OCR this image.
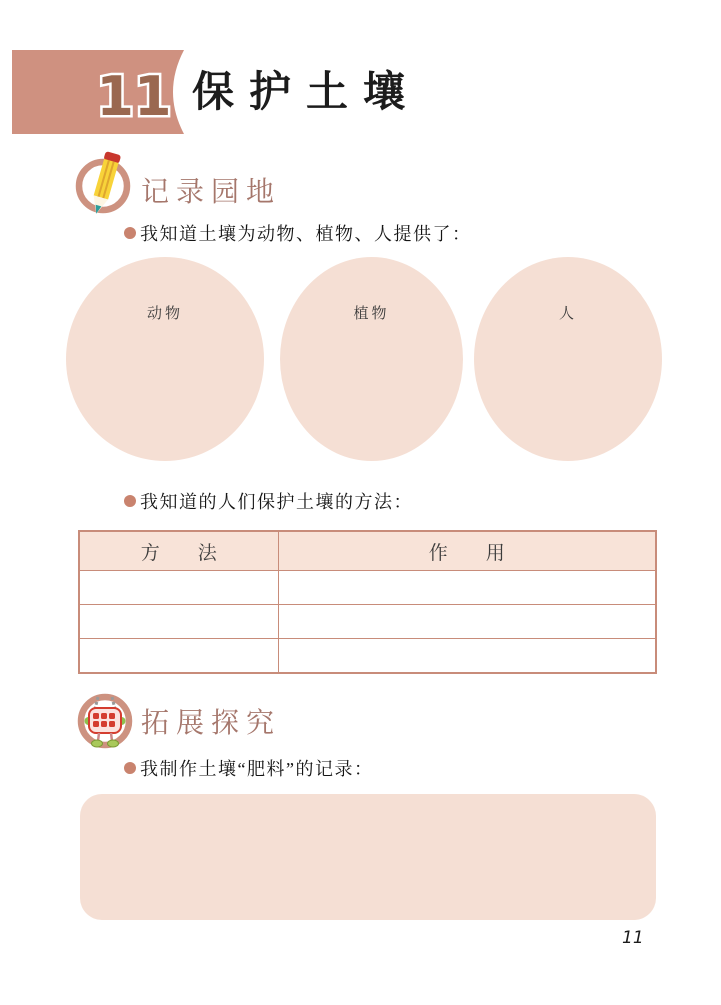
11 保护土壤
记录园地
我知道土壤为动物、植物、人提供了：
动物	植物	人
我知道的人们保护土壤的方法：
方　　法	作　　用

拓展探究
我制作土壤“肥料”的记录：
11
